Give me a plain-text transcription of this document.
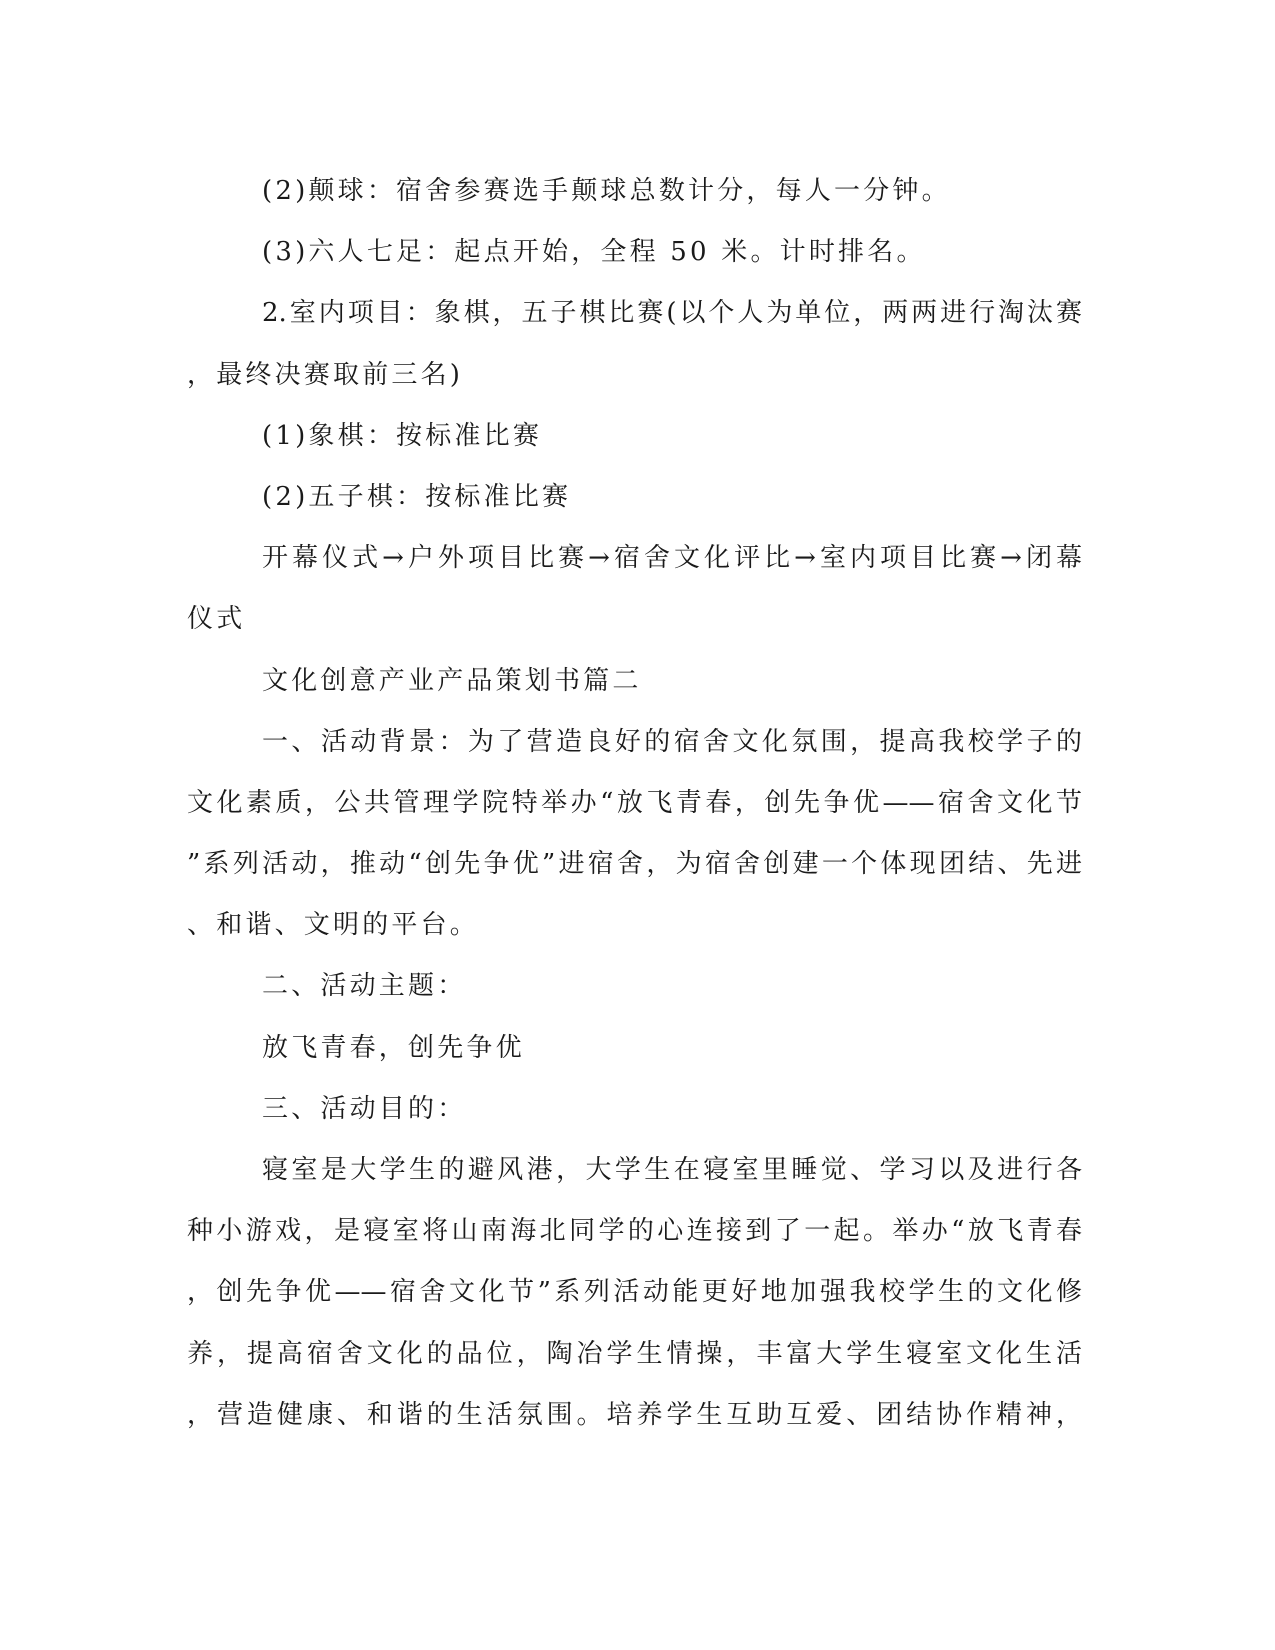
(2)颠球：宿舍参赛选手颠球总数计分，每人一分钟。
(3)六人七足：起点开始，全程 50 米。计时排名。
2.室内项目：象棋，五子棋比赛(以个人为单位，两两进行淘汰赛
，最终决赛取前三名)
(1)象棋：按标准比赛
(2)五子棋：按标准比赛
开幕仪式→户外项目比赛→宿舍文化评比→室内项目比赛→闭幕
仪式
文化创意产业产品策划书篇二
一、活动背景：为了营造良好的宿舍文化氛围，提高我校学子的
文化素质，公共管理学院特举办“放飞青春，创先争优——宿舍文化节
”系列活动，推动“创先争优”进宿舍，为宿舍创建一个体现团结、先进
、和谐、文明的平台。
二、活动主题：
放飞青春，创先争优
三、活动目的：
寝室是大学生的避风港，大学生在寝室里睡觉、学习以及进行各
种小游戏，是寝室将山南海北同学的心连接到了一起。举办“放飞青春
，创先争优——宿舍文化节”系列活动能更好地加强我校学生的文化修
养，提高宿舍文化的品位，陶冶学生情操，丰富大学生寝室文化生活
，营造健康、和谐的生活氛围。培养学生互助互爱、团结协作精神，
